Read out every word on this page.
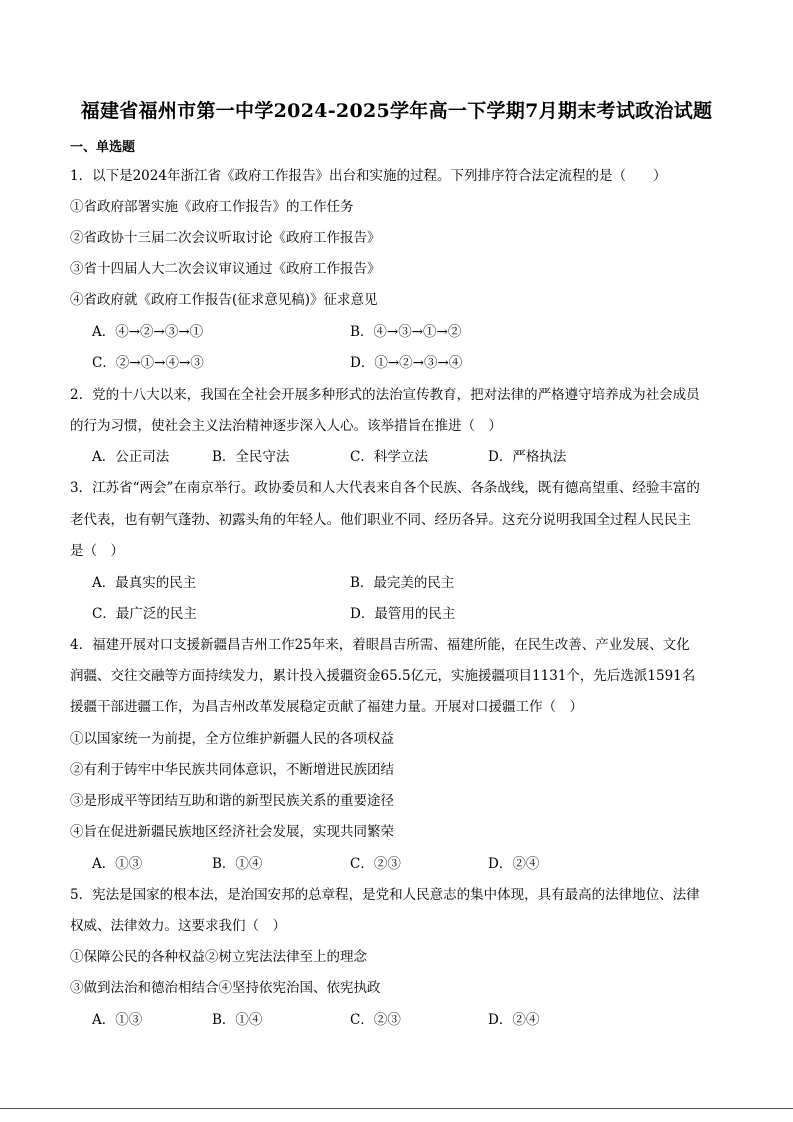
福建省福州市第一中学2024-2025学年高一下学期7月期末考试政治试题
一、单选题
1．以下是2024年浙江省《政府工作报告》出台和实施的过程。下列排序符合法定流程的是（　　）
①省政府部署实施《政府工作报告》的工作任务
②省政协十三届二次会议听取讨论《政府工作报告》
③省十四届人大二次会议审议通过《政府工作报告》
④省政府就《政府工作报告(征求意见稿)》征求意见
A．④→②→③→①	B．④→③→①→②
C．②→①→④→③	D．①→②→③→④
2．党的十八大以来，我国在全社会开展多种形式的法治宣传教育，把对法律的严格遵守培养成为社会成员
的行为习惯，使社会主义法治精神逐步深入人心。该举措旨在推进（　）
A．公正司法	B．全民守法	C．科学立法	D．严格执法
3．江苏省“两会”在南京举行。政协委员和人大代表来自各个民族、各条战线，既有德高望重、经验丰富的
老代表，也有朝气蓬勃、初露头角的年轻人。他们职业不同、经历各异。这充分说明我国全过程人民民主
是（　）
A．最真实的民主	B．最完美的民主
C．最广泛的民主	D．最管用的民主
4．福建开展对口支援新疆昌吉州工作25年来，着眼昌吉所需、福建所能，在民生改善、产业发展、文化
润疆、交往交融等方面持续发力，累计投入援疆资金65.5亿元，实施援疆项目1131个，先后选派1591名
援疆干部进疆工作，为昌吉州改革发展稳定贡献了福建力量。开展对口援疆工作（　）
①以国家统一为前提，全方位维护新疆人民的各项权益
②有利于铸牢中华民族共同体意识，不断增进民族团结
③是形成平等团结互助和谐的新型民族关系的重要途径
④旨在促进新疆民族地区经济社会发展，实现共同繁荣
A．①③	B．①④	C．②③	D．②④
5．宪法是国家的根本法，是治国安邦的总章程，是党和人民意志的集中体现，具有最高的法律地位、法律
权威、法律效力。这要求我们（　）
①保障公民的各种权益②树立宪法法律至上的理念
③做到法治和德治相结合④坚持依宪治国、依宪执政
A．①③	B．①④	C．②③	D．②④
